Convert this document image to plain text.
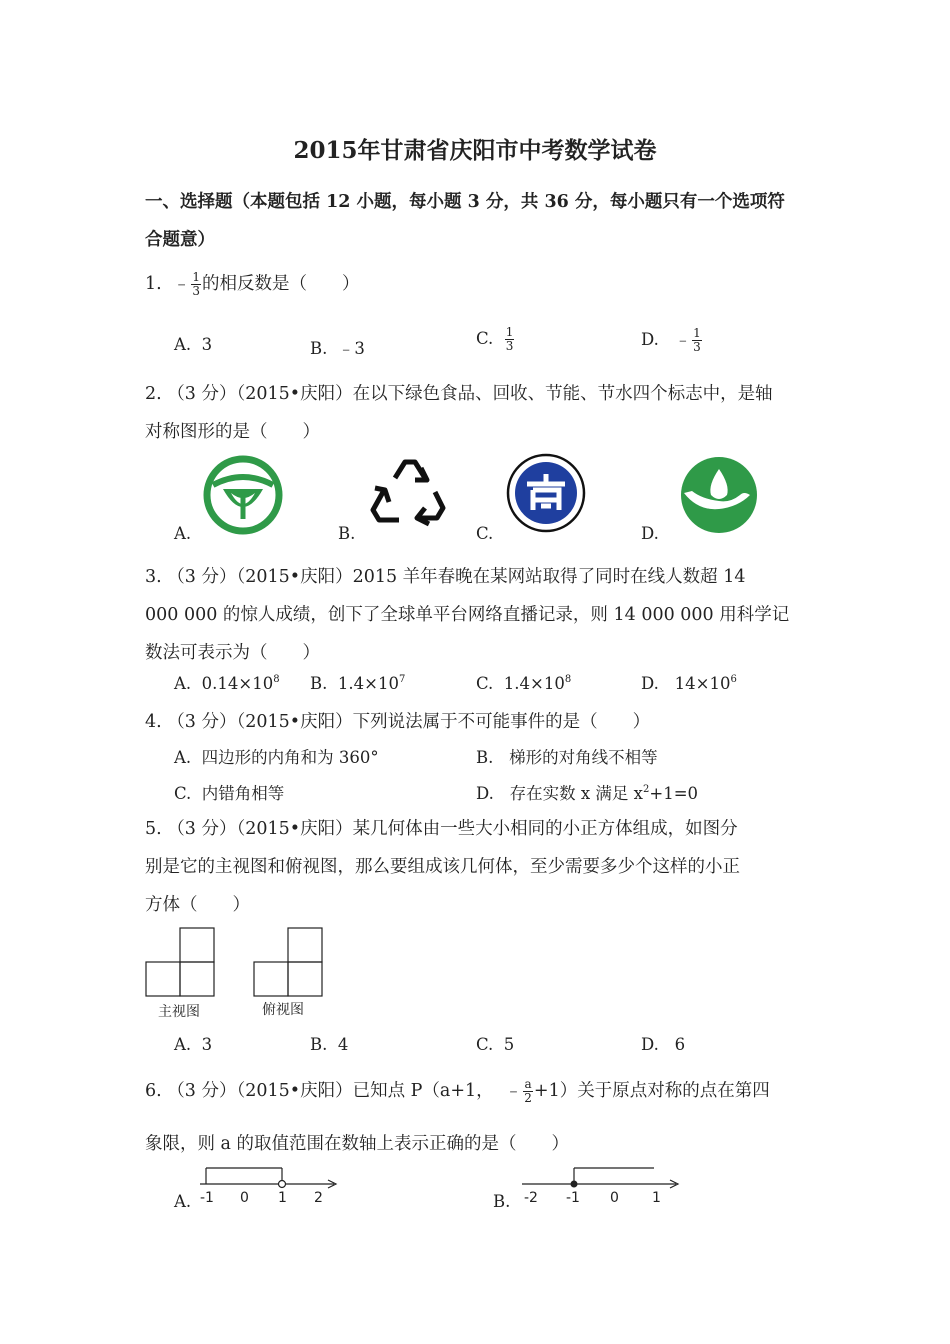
2015年甘肃省庆阳市中考数学试卷
一、选择题（本题包括 12 小题，每小题 3 分，共 36 分，每小题只有一个选项符
合题意）
1. ﹣ $\frac{1}{3}$ 的相反数是（　　）
A. 3	B. ﹣3
C. $\frac{1}{3}$	D. ﹣ $\frac{1}{3}$
2. （3 分）（2015•庆阳）在以下绿色食品、回收、节能、节水四个标志中，是轴
对称图形的是（　　）
A.	B.	C.	D.
3. （3 分）（2015•庆阳）2015 羊年春晚在某网站取得了同时在线人数超 14
000 000 的惊人成绩，创下了全球单平台网络直播记录，则 14 000 000 用科学记
数法可表示为（　　）
A. $0.14\times 10^8$ B. $1.4\times 10^7$	C. $1.4\times 10^8$	D. $14\times 10^6$
4. （3 分）（2015•庆阳）下列说法属于不可能事件的是（　　）
A. 四边形的内角和为 360°	B. 梯形的对角线不相等
C. 内错角相等	D. 存在实数 x 满足 $x^2+1=0$
5. （3 分）（2015•庆阳）某几何体由一些大小相同的小正方体组成，如图分
别是它的主视图和俯视图，那么要组成该几何体，至少需要多少个这样的小正
方体（　　）
主视图	俯视图
A. 3	B. 4	C. 5	D. 6
6. （3 分）（2015•庆阳）已知点 P（a+1， ﹣ $\frac{a}{2} +1$）关于原点对称的点在第四
象限，则 a 的取值范围在数轴上表示正确的是（　　）
A. -1 0 1 2	B. -2 -1 0 1
